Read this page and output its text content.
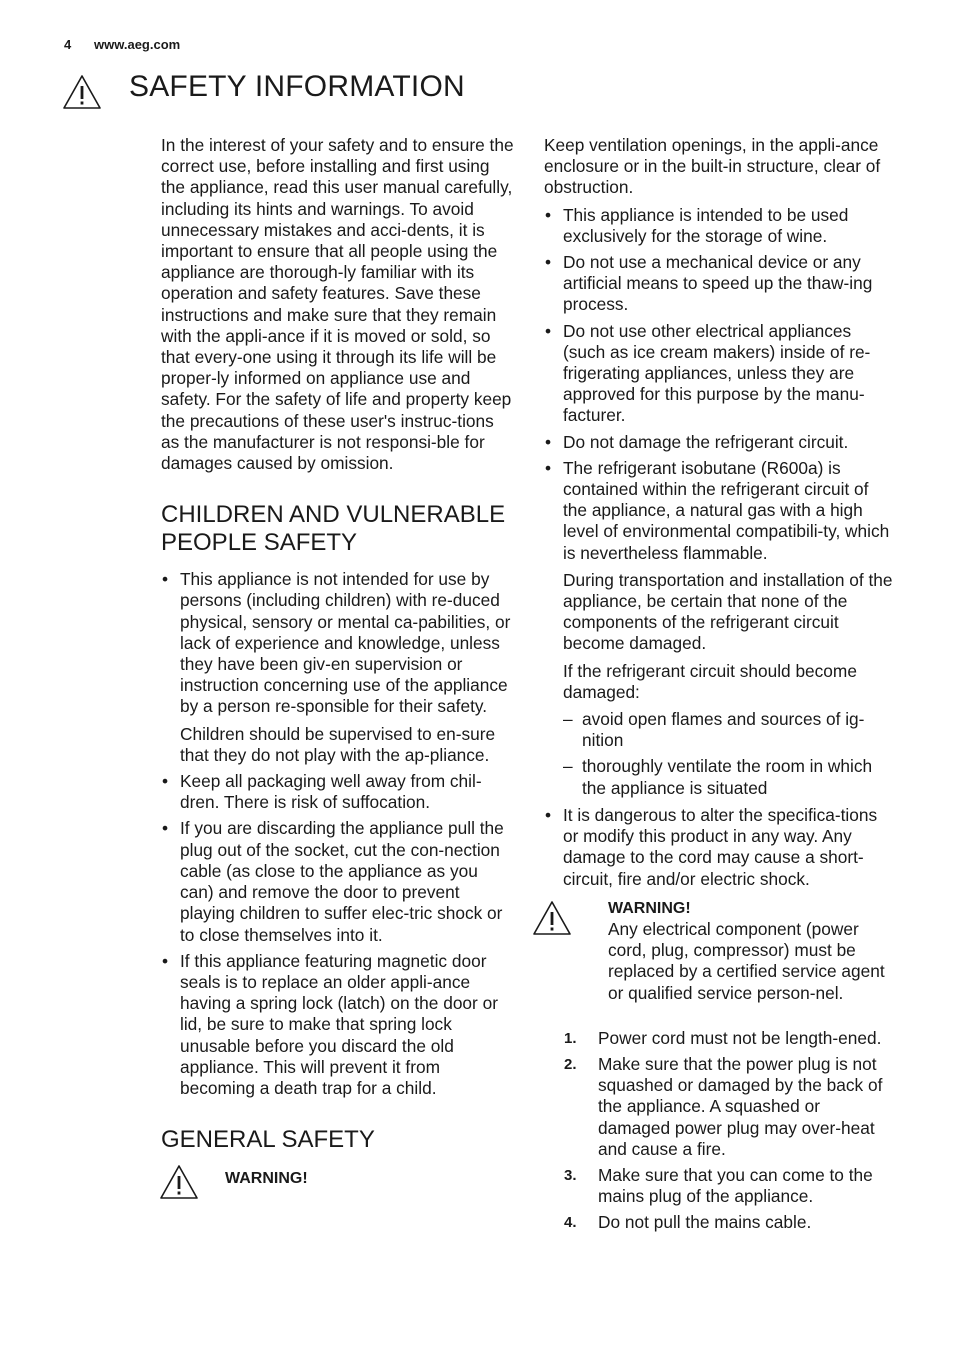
4 www.aeg.com
SAFETY INFORMATION

In the interest of your safety and to ensure the correct use, before installing and first using the appliance, read this user manual carefully, including its hints and warnings. To avoid unnecessary mistakes and acci-dents, it is important to ensure that all people using the appliance are thorough-ly familiar with its operation and safety features. Save these instructions and make sure that they remain with the appli-ance if it is moved or sold, so that every-one using it through its life will be proper-ly informed on appliance use and safety. For the safety of life and property keep the precautions of these user's instruc-tions as the manufacturer is not responsi-ble for damages caused by omission.

CHILDREN AND VULNERABLE PEOPLE SAFETY

• This appliance is not intended for use by persons (including children) with re-duced physical, sensory or mental ca-pabilities, or lack of experience and knowledge, unless they have been giv-en supervision or instruction concerning use of the appliance by a person re-sponsible for their safety.

Children should be supervised to en-sure that they do not play with the ap-pliance.

• Keep all packaging well away from chil-dren. There is risk of suffocation.
• If you are discarding the appliance pull the plug out of the socket, cut the con-nection cable (as close to the appliance as you can) and remove the door to prevent playing children to suffer elec-tric shock or to close themselves into it.
• If this appliance featuring magnetic door seals is to replace an older appli-ance having a spring lock (latch) on the door or lid, be sure to make that spring lock unusable before you discard the old appliance. This will prevent it from becoming a death trap for a child.
GENERAL SAFETY
WARNING!

Keep ventilation openings, in the appli-ance enclosure or in the built-in structure, clear of obstruction.

• This appliance is intended to be used exclusively for the storage of wine.
• Do not use a mechanical device or any artificial means to speed up the thaw-ing process.
• Do not use other electrical appliances (such as ice cream makers) inside of re-frigerating appliances, unless they are approved for this purpose by the manu-facturer.
• Do not damage the refrigerant circuit.

• The refrigerant isobutane (R600a) is contained within the refrigerant circuit of the appliance, a natural gas with a high level of environmental compatibili-ty, which is nevertheless flammable.

During transportation and installation of the appliance, be certain that none of the components of the refrigerant circuit become damaged.

If the refrigerant circuit should become damaged:

– avoid open flames and sources of ig-nition
– thoroughly ventilate the room in which the appliance is situated
• It is dangerous to alter the specifica-tions or modify this product in any way. Any damage to the cord may cause a short-circuit, fire and/or electric shock.
WARNING!
Any electrical component (power cord, plug, compressor) must be replaced by a certified service agent or qualified service person-nel.
1. Power cord must not be length-ened.
2. Make sure that the power plug is not squashed or damaged by the back of the appliance. A squashed or damaged power plug may over-heat and cause a fire.
3. Make sure that you can come to the mains plug of the appliance.
4. Do not pull the mains cable.
